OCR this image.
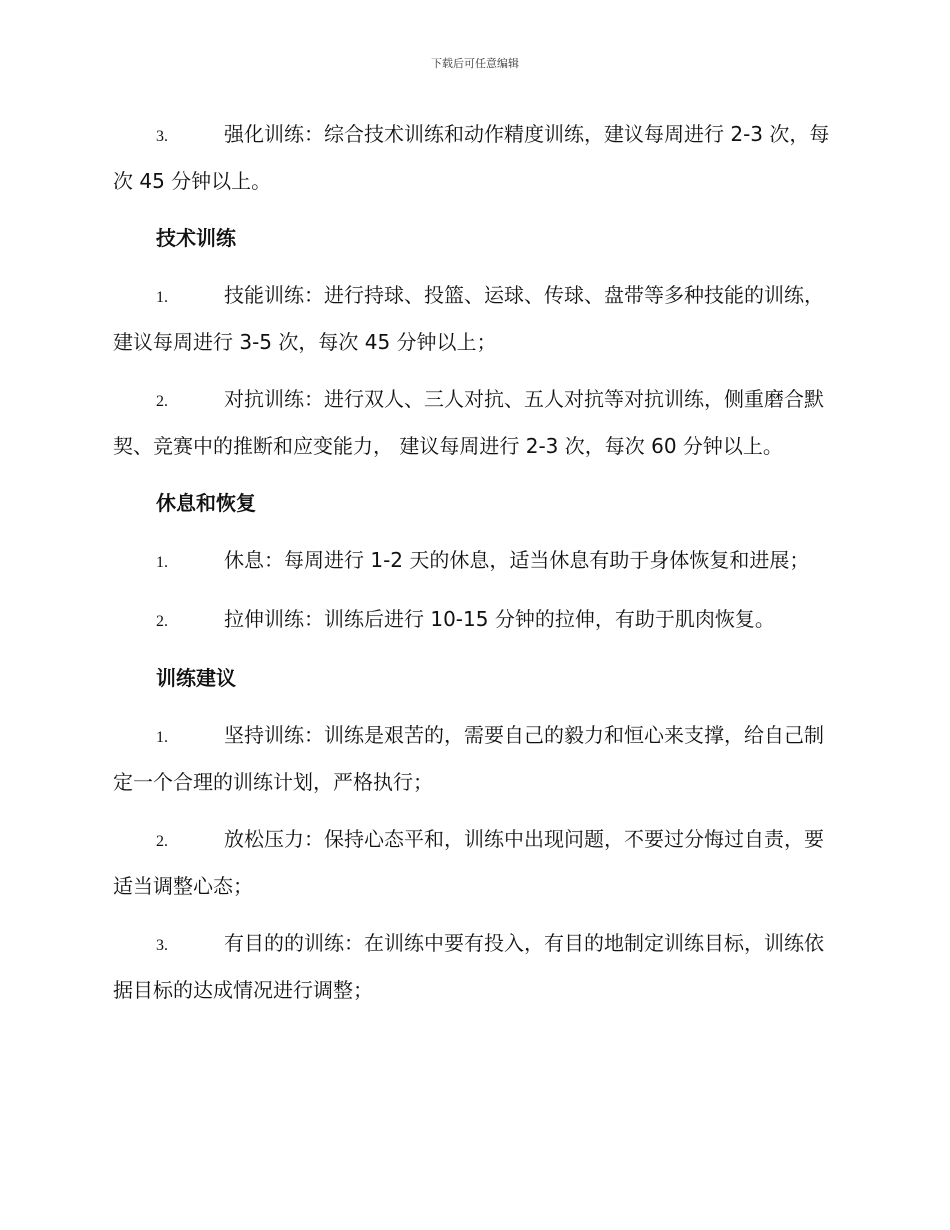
下载后可任意编辑

3.	强化训练：综合技术训练和动作精度训练，建议每周进行 2-3 次，每次 45 分钟以上。

技术训练

1.	技能训练：进行持球、投篮、运球、传球、盘带等多种技能的训练，建议每周进行 3-5 次，每次 45 分钟以上；

2.	对抗训练：进行双人、三人对抗、五人对抗等对抗训练，侧重磨合默契、竞赛中的推断和应变能力， 建议每周进行 2-3 次，每次 60 分钟以上。

休息和恢复

1.	休息：每周进行 1-2 天的休息，适当休息有助于身体恢复和进展；

2.	拉伸训练：训练后进行 10-15 分钟的拉伸，有助于肌肉恢复。

训练建议

1.	坚持训练：训练是艰苦的，需要自己的毅力和恒心来支撑，给自己制定一个合理的训练计划，严格执行；

2.	放松压力：保持心态平和，训练中出现问题，不要过分悔过自责，要适当调整心态；

3.	有目的的训练：在训练中要有投入，有目的地制定训练目标，训练依据目标的达成情况进行调整；
